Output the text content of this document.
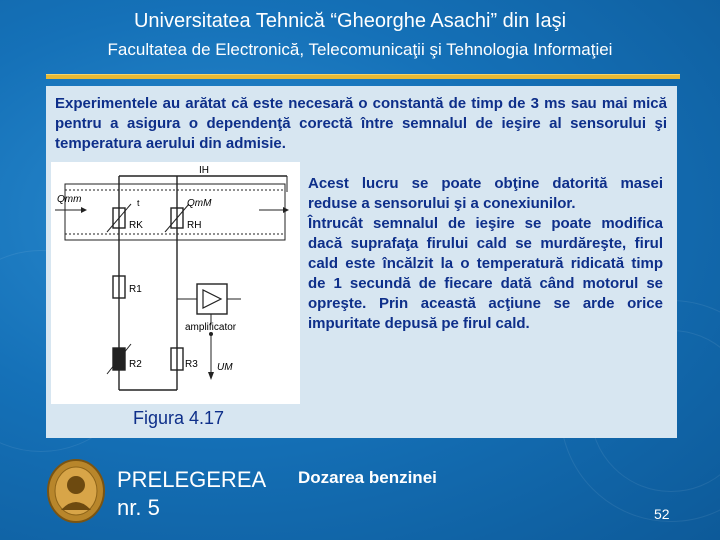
Universitatea Tehnică “Gheorghe Asachi” din Iaşi
Facultatea de Electronică, Telecomunicaţii şi Tehnologia Informaţiei
Experimentele au arătat că este necesară o constantă de timp de 3 ms sau mai mică pentru a asigura o dependenţă corectă între semnalul de ieşire al sensorului şi temperatura aerului din admisie.
IH
Qmm	QmM
t
RK	RH
R1
R2	R3
amplificator
UM
Acest lucru se poate obţine datorită masei reduse a sensorului şi a conexiunilor.
Întrucât semnalul de ieşire se poate modifica dacă suprafaţa firului cald se murdăreşte, firul cald este încălzit la o temperatură ridicată timp de 1 secundă de fiecare dată când motorul se opreşte. Prin această acţiune se arde orice impuritate depusă pe firul cald.
Figura 4.17
PRELEGEREA
nr. 5
Dozarea benzinei
52
